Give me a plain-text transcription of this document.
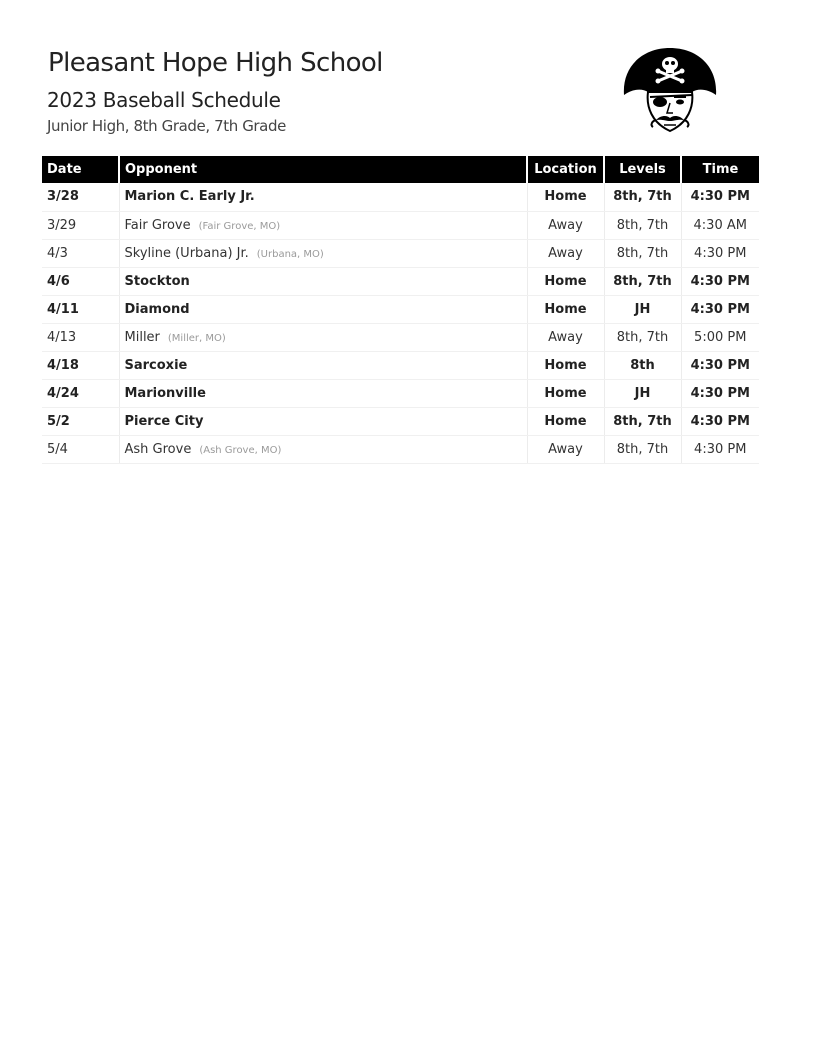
Pleasant Hope High School
2023 Baseball Schedule
Junior High, 8th Grade, 7th Grade
Date	Opponent	Location	Levels	Time
3/28	Marion C. Early Jr.	Home	8th, 7th	4:30 PM
3/29	Fair Grove (Fair Grove, MO)	Away	8th, 7th	4:30 AM
4/3	Skyline (Urbana) Jr. (Urbana, MO)	Away	8th, 7th	4:30 PM
4/6	Stockton	Home	8th, 7th	4:30 PM
4/11	Diamond	Home	JH	4:30 PM
4/13	Miller (Miller, MO)	Away	8th, 7th	5:00 PM
4/18	Sarcoxie	Home	8th	4:30 PM
4/24	Marionville	Home	JH	4:30 PM
5/2	Pierce City	Home	8th, 7th	4:30 PM
5/4	Ash Grove (Ash Grove, MO)	Away	8th, 7th	4:30 PM
